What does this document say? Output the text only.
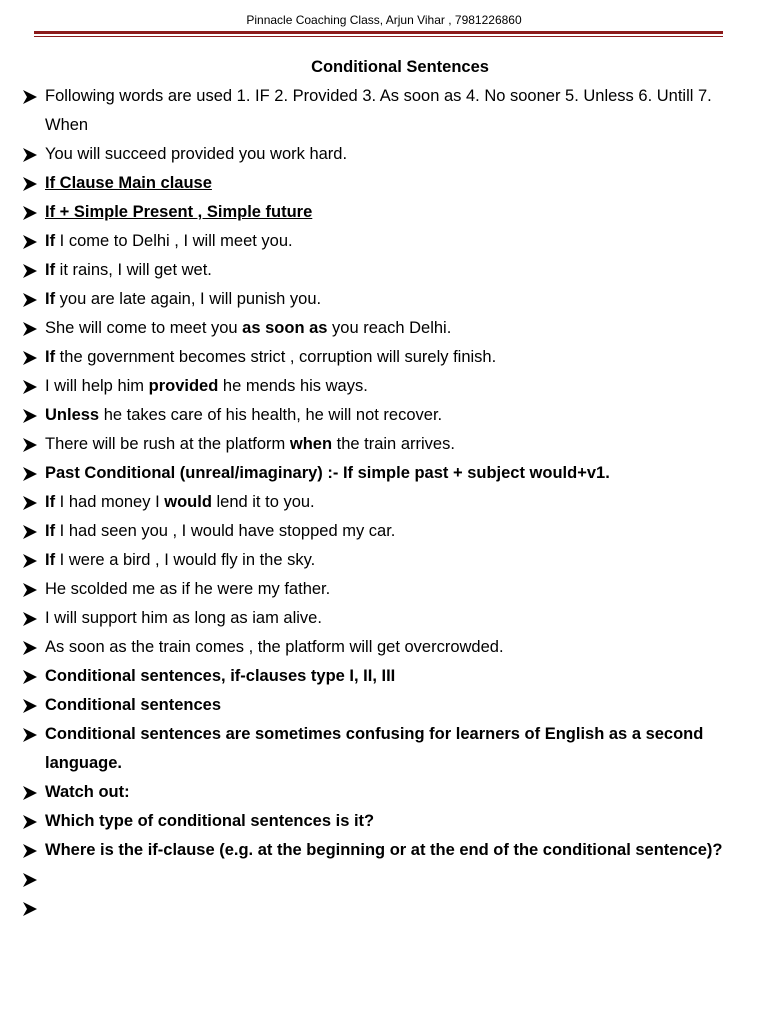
Pinnacle Coaching Class, Arjun Vihar , 7981226860
Conditional Sentences
Following words are used 1. IF 2. Provided 3. As soon as 4. No sooner 5. Unless 6. Untill 7. When
You will succeed provided you work hard.
If Clause Main clause
If + Simple Present , Simple future
If I come to Delhi , I will meet you.
If it rains, I will get wet.
If you are late again, I will punish you.
She will come to meet you as soon as you reach Delhi.
If the government becomes strict , corruption will surely finish.
I will help him provided he mends his ways.
Unless he takes care of his health, he will not recover.
There will be rush at the platform when the train arrives.
Past Conditional (unreal/imaginary) :- If simple past + subject would+v1.
If I had money I would lend it to you.
If I had seen you , I would have stopped my car.
If I were a bird , I would fly in the sky.
He scolded me as if he were my father.
I will support him as long as iam alive.
As soon as the train comes , the platform will get overcrowded.
Conditional sentences, if-clauses type I, II, III
Conditional sentences
Conditional sentences are sometimes confusing for learners of English as a second language.
Watch out:
Which type of conditional sentences is it?
Where is the if-clause (e.g. at the beginning or at the end of the conditional sentence)?
